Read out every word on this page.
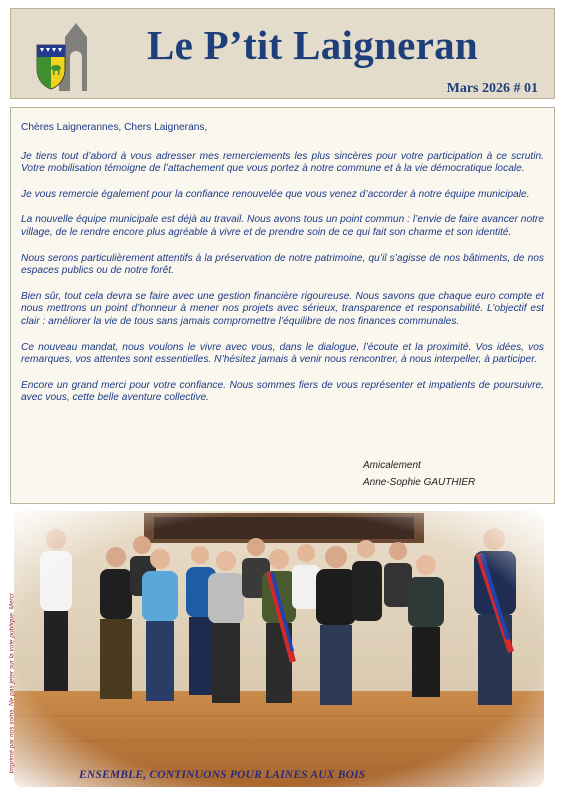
Le P’tit Laigneran
Mars 2026 # 01

Chères Laignerannes, Chers Laignerans,

Je tiens tout d’abord à vous adresser mes remerciements les plus sincères pour votre participation à ce scrutin. Votre mobilisation témoigne de l’attachement que vous portez à notre commune et à la vie démocratique locale.

Je vous remercie également pour la confiance renouvelée que vous venez d’accorder à notre équipe municipale.

La nouvelle équipe municipale est déjà au travail. Nous avons tous un point commun : l’envie de faire avancer notre village, de le rendre encore plus agréable à vivre et de prendre soin de ce qui fait son charme et son identité.

Nous serons particulièrement attentifs à la préservation de notre patrimoine, qu’il s’agisse de nos bâtiments, de nos espaces publics ou de notre forêt.

Bien sûr, tout cela devra se faire avec une gestion financière rigoureuse. Nous savons que chaque euro compte et nous mettrons un point d’honneur à mener nos projets avec sérieux, transparence et responsabilité. L’objectif est clair : améliorer la vie de tous sans jamais compromettre l’équilibre de nos finances communales.

Ce nouveau mandat, nous voulons le vivre avec vous, dans le dialogue, l’écoute et la proximité. Vos idées, vos remarques, vos attentes sont essentielles. N’hésitez jamais à venir nous rencontrer, à nous interpeller, à participer.

Encore un grand merci pour votre confiance. Nous sommes fiers de vous représenter et impatients de poursuivre, avec vous, cette belle aventure collective.

Amicalement
Anne-Sophie GAUTHIER
Imprimé par nos soins. Ne pas jeter sur la voie publique. Merci
ENSEMBLE, CONTINUONS POUR LAINES AUX BOIS
